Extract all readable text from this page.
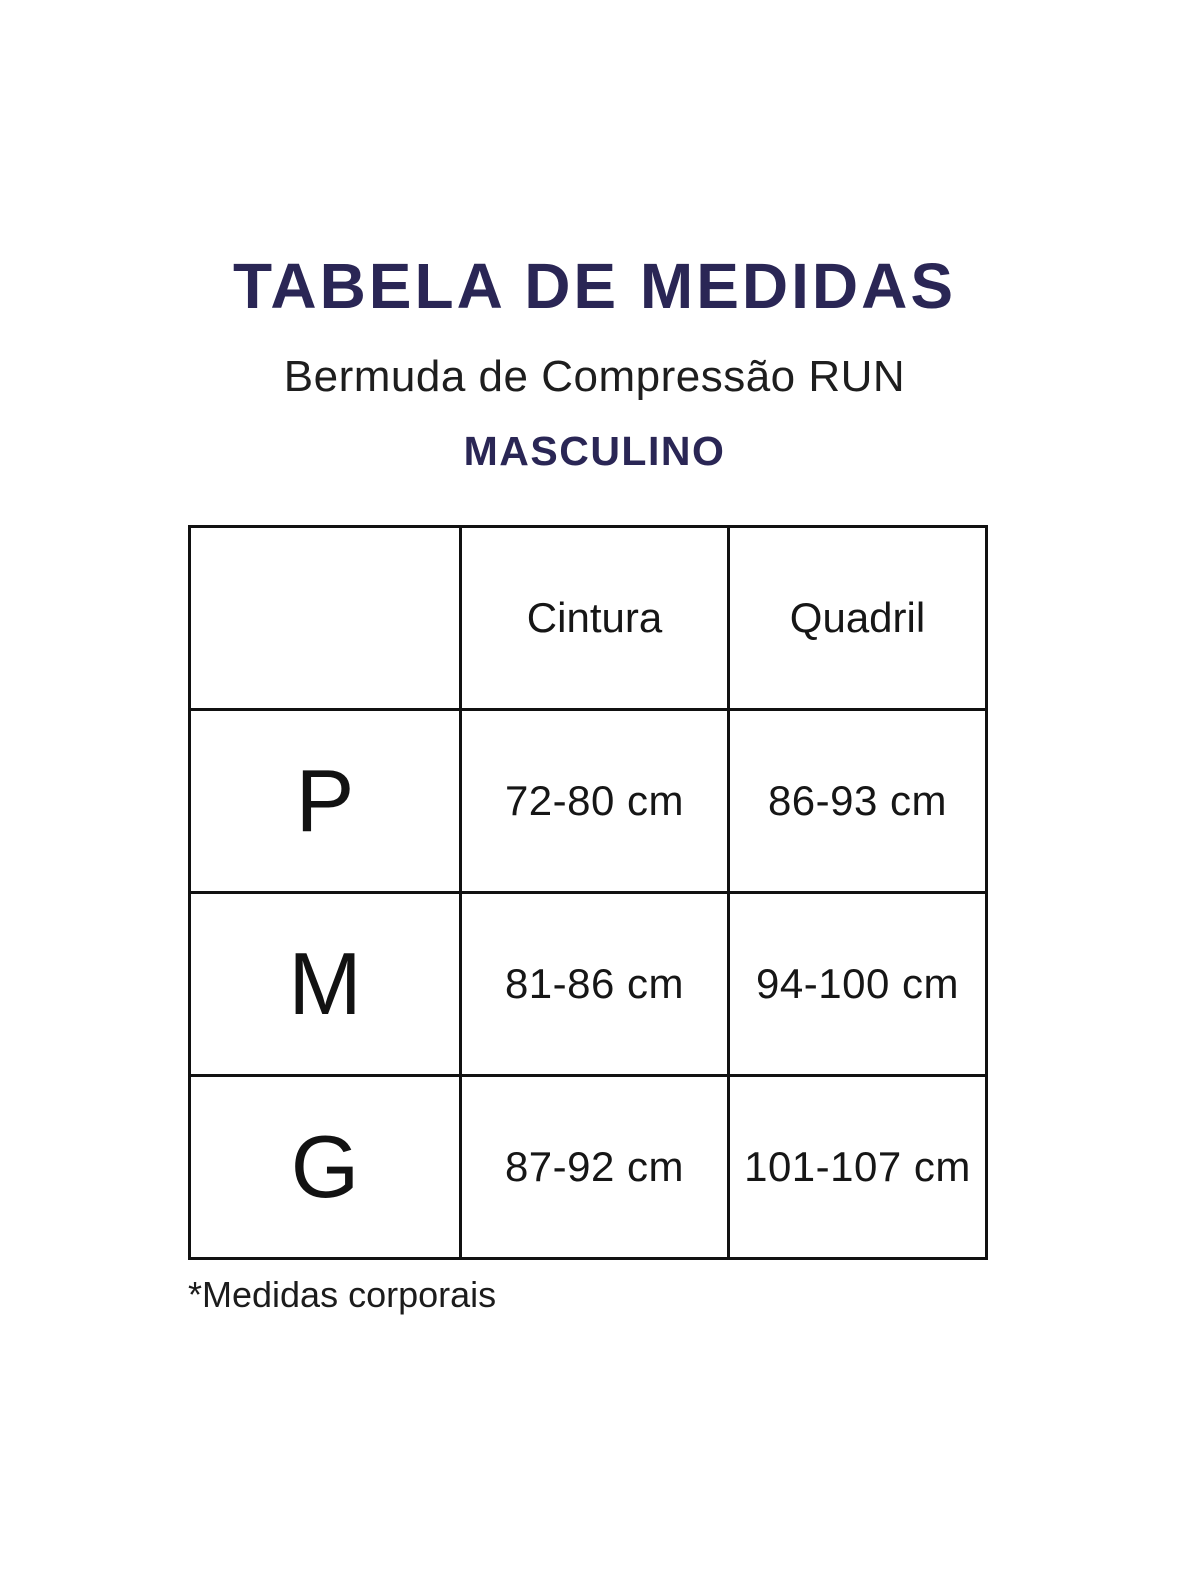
TABELA DE MEDIDAS
Bermuda de Compressão RUN
MASCULINO
	Cintura	Quadril
P	72-80 cm	86-93 cm
M	81-86 cm	94-100 cm
G	87-92 cm	101-107 cm
*Medidas corporais
